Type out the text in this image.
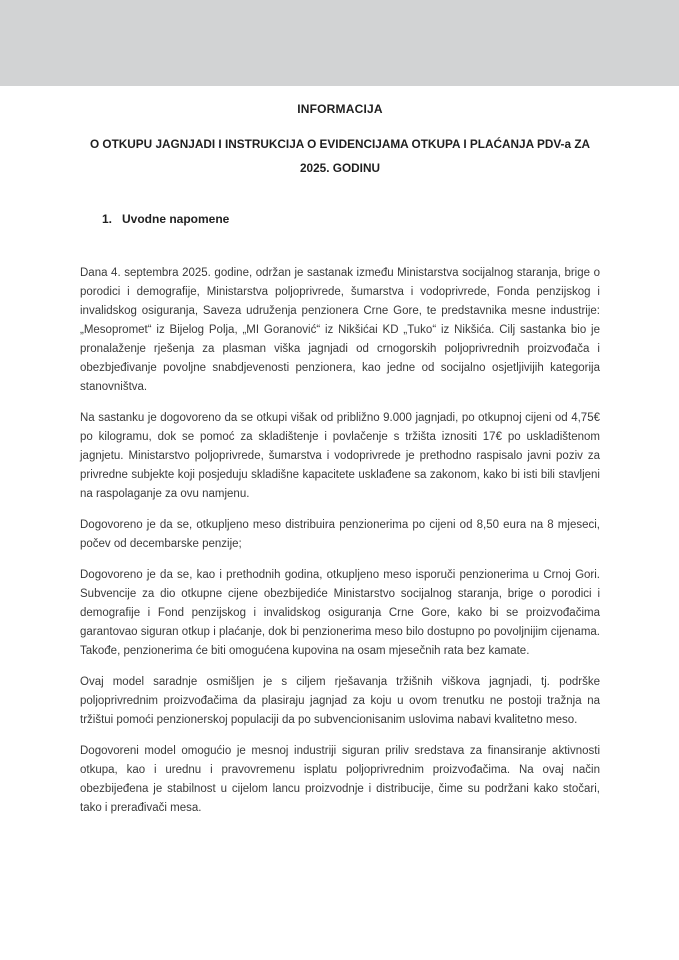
INFORMACIJA
O OTKUPU JAGNJADI I INSTRUKCIJA O EVIDENCIJAMA OTKUPA I PLAĆANJA PDV-a ZA
2025. GODINU
1.   Uvodne napomene

Dana 4. septembra 2025. godine, održan je sastanak između Ministarstva socijalnog staranja, brige o porodici i demografije, Ministarstva poljoprivrede, šumarstva i vodoprivrede, Fonda penzijskog i invalidskog osiguranja, Saveza udruženja penzionera Crne Gore, te predstavnika mesne industrije: „Mesopromet“ iz Bijelog Polja, „MI Goranović“ iz Nikšićai KD „Tuko“ iz Nikšića. Cilj sastanka bio je pronalaženje rješenja za plasman viška jagnjadi od crnogorskih poljoprivrednih proizvođača i obezbjeđivanje povoljne snabdjevenosti penzionera, kao jedne od socijalno osjetljivijih kategorija stanovništva.

Na sastanku je dogovoreno da se otkupi višak od približno 9.000 jagnjadi, po otkupnoj cijeni od 4,75€ po kilogramu, dok se pomoć za skladištenje i povlačenje s tržišta iznositi 17€ po uskladištenom jagnjetu. Ministarstvo poljoprivrede, šumarstva i vodoprivrede je prethodno raspisalo javni poziv za privredne subjekte koji posjeduju skladišne kapacitete usklađene sa zakonom, kako bi isti bili stavljeni na raspolaganje za ovu namjenu.

Dogovoreno je da se, otkupljeno meso distribuira penzionerima po cijeni od 8,50 eura na 8 mjeseci, počev od decembarske penzije;

Dogovoreno je da se, kao i prethodnih godina, otkupljeno meso isporuči penzionerima u Crnoj Gori. Subvencije za dio otkupne cijene obezbijediće Ministarstvo socijalnog staranja, brige o porodici i demografije i Fond penzijskog i invalidskog osiguranja Crne Gore, kako bi se proizvođačima garantovao siguran otkup i plaćanje, dok bi penzionerima meso bilo dostupno po povoljnijim cijenama. Takođe, penzionerima će biti omogućena kupovina na osam mjesečnih rata bez kamate.

Ovaj model saradnje osmišljen je s ciljem rješavanja tržišnih viškova jagnjadi, tj. podrške poljoprivrednim proizvođačima da plasiraju jagnjad za koju u ovom trenutku ne postoji tražnja na tržištui pomoći penzionerskoj populaciji da po subvencionisanim uslovima nabavi kvalitetno meso.

Dogovoreni model omogućio je mesnoj industriji siguran priliv sredstava za finansiranje aktivnosti otkupa, kao i urednu i pravovremenu isplatu poljoprivrednim proizvođačima. Na ovaj način obezbijeđena je stabilnost u cijelom lancu proizvodnje i distribucije, čime su podržani kako stočari, tako i prerađivači mesa.
